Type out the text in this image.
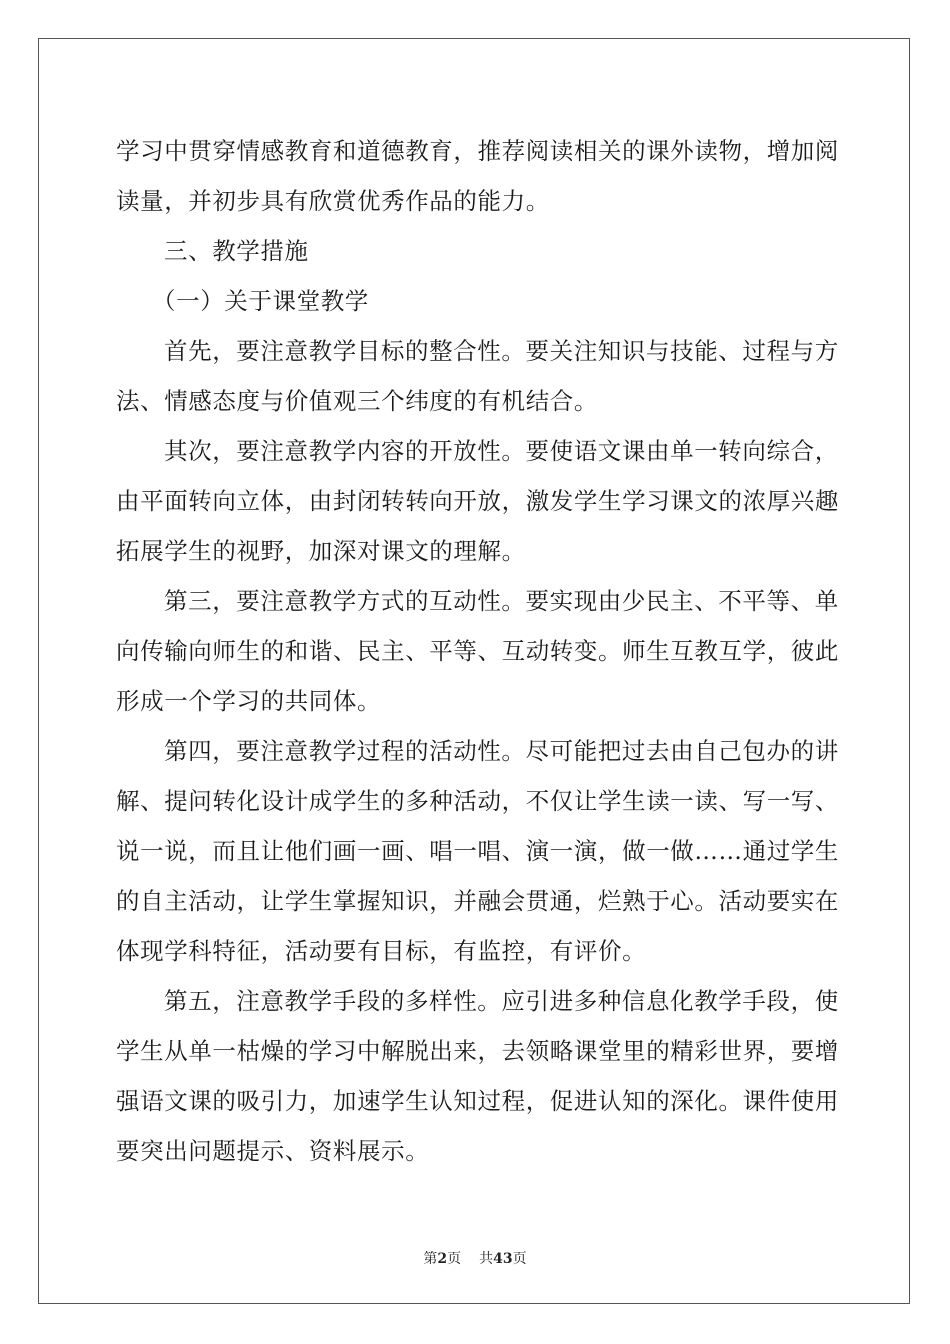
学习中贯穿情感教育和道德教育，推荐阅读相关的课外读物，增加阅
读量，并初步具有欣赏优秀作品的能力。
三、教学措施
（一）关于课堂教学
首先，要注意教学目标的整合性。要关注知识与技能、过程与方
法、情感态度与价值观三个纬度的有机结合。
其次，要注意教学内容的开放性。要使语文课由单一转向综合，
由平面转向立体，由封闭转转向开放，激发学生学习课文的浓厚兴趣
拓展学生的视野，加深对课文的理解。
第三，要注意教学方式的互动性。要实现由少民主、不平等、单
向传输向师生的和谐、民主、平等、互动转变。师生互教互学，彼此
形成一个学习的共同体。
第四，要注意教学过程的活动性。尽可能把过去由自己包办的讲
解、提问转化设计成学生的多种活动，不仅让学生读一读、写一写、
说一说，而且让他们画一画、唱一唱、演一演，做一做……通过学生
的自主活动，让学生掌握知识，并融会贯通，烂熟于心。活动要实在
体现学科特征，活动要有目标，有监控，有评价。
第五，注意教学手段的多样性。应引进多种信息化教学手段，使
学生从单一枯燥的学习中解脱出来，去领略课堂里的精彩世界，要增
强语文课的吸引力，加速学生认知过程，促进认知的深化。课件使用
要突出问题提示、资料展示。
第2页 共43页
